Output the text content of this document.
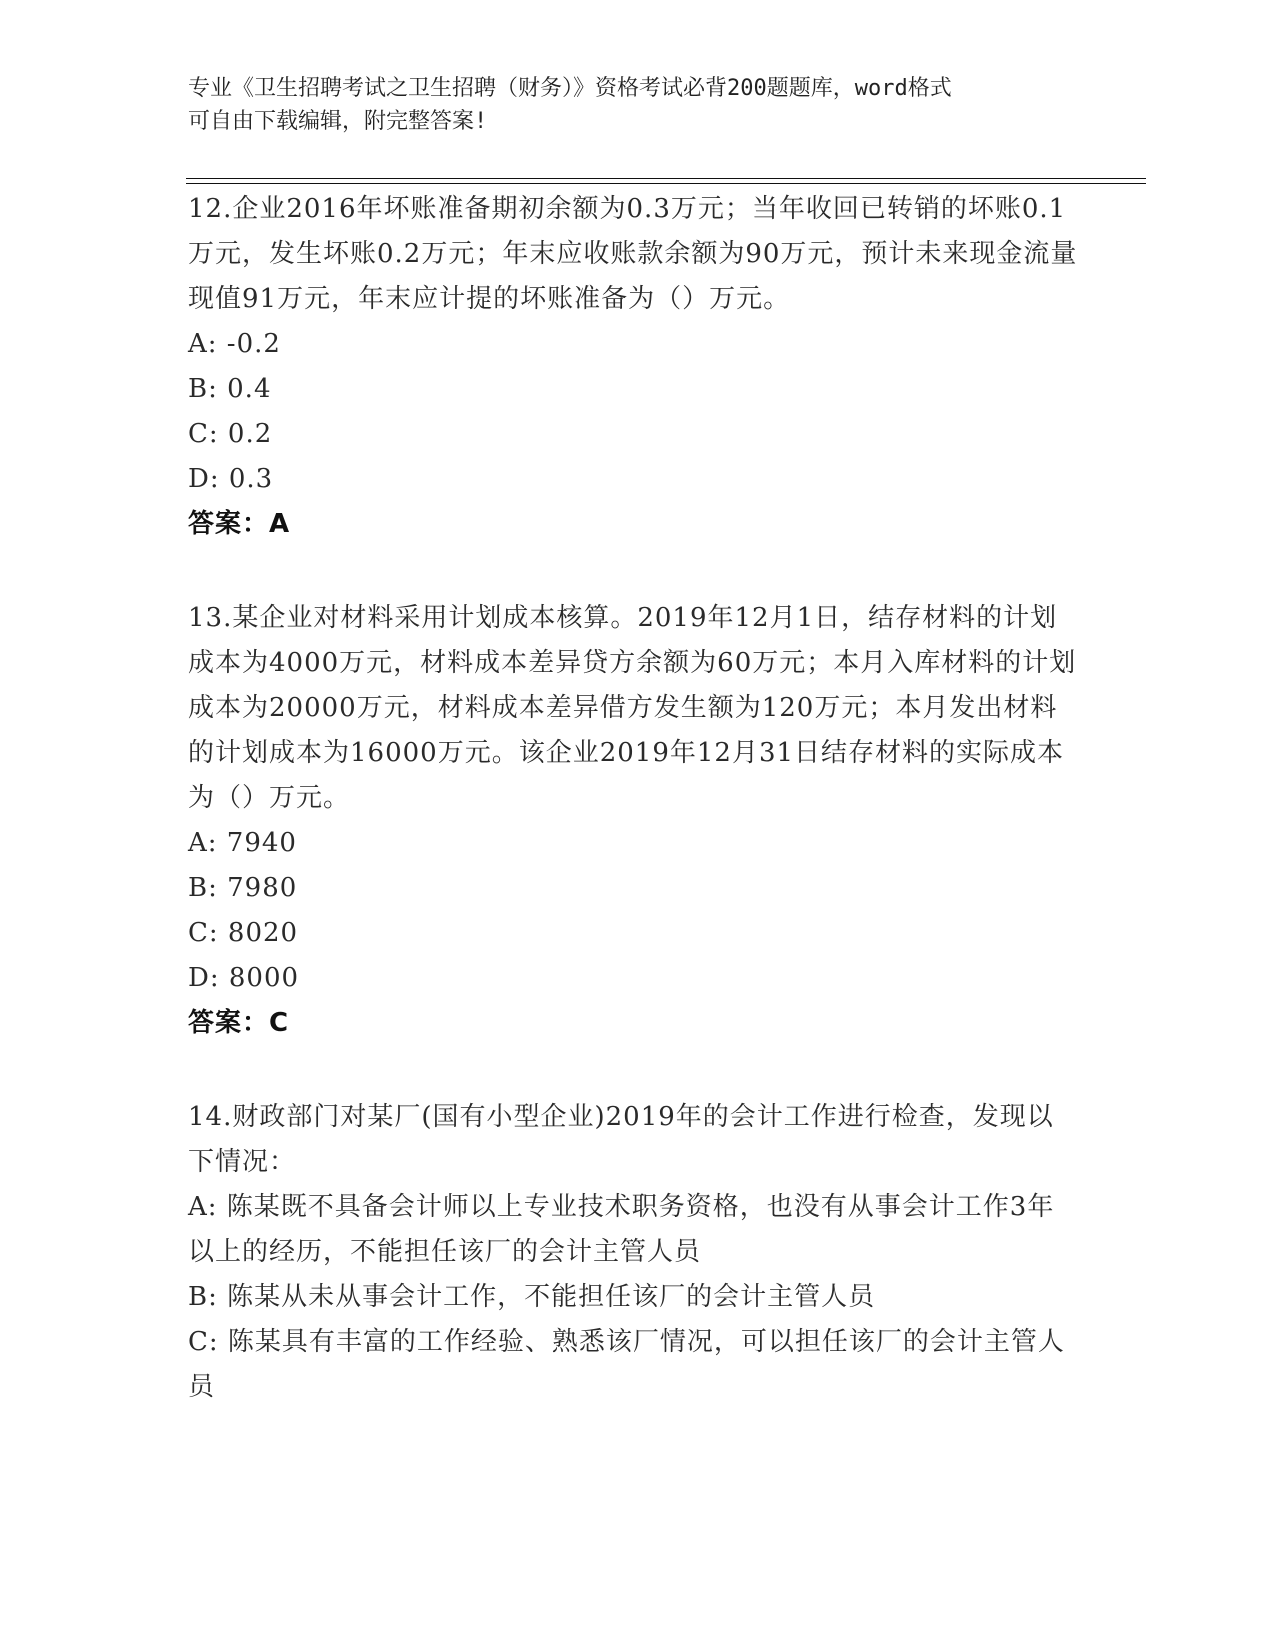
专业《卫生招聘考试之卫生招聘（财务）》资格考试必背200题题库，word格式
可自由下载编辑，附完整答案!
12.企业2016年坏账准备期初余额为0.3万元；当年收回已转销的坏账0.1万元，发生坏账0.2万元；年末应收账款余额为90万元，预计未来现金流量现值91万元，年末应计提的坏账准备为（）万元。
A: -0.2
B: 0.4
C: 0.2
D: 0.3
答案：A
13.某企业对材料采用计划成本核算。2019年12月1日，结存材料的计划成本为4000万元，材料成本差异贷方余额为60万元；本月入库材料的计划成本为20000万元，材料成本差异借方发生额为120万元；本月发出材料的计划成本为16000万元。该企业2019年12月31日结存材料的实际成本为（）万元。
A: 7940
B: 7980
C: 8020
D: 8000
答案：C
14.财政部门对某厂(国有小型企业)2019年的会计工作进行检查，发现以下情况：
A: 陈某既不具备会计师以上专业技术职务资格，也没有从事会计工作3年以上的经历，不能担任该厂的会计主管人员
B: 陈某从未从事会计工作，不能担任该厂的会计主管人员
C: 陈某具有丰富的工作经验、熟悉该厂情况，可以担任该厂的会计主管人员
